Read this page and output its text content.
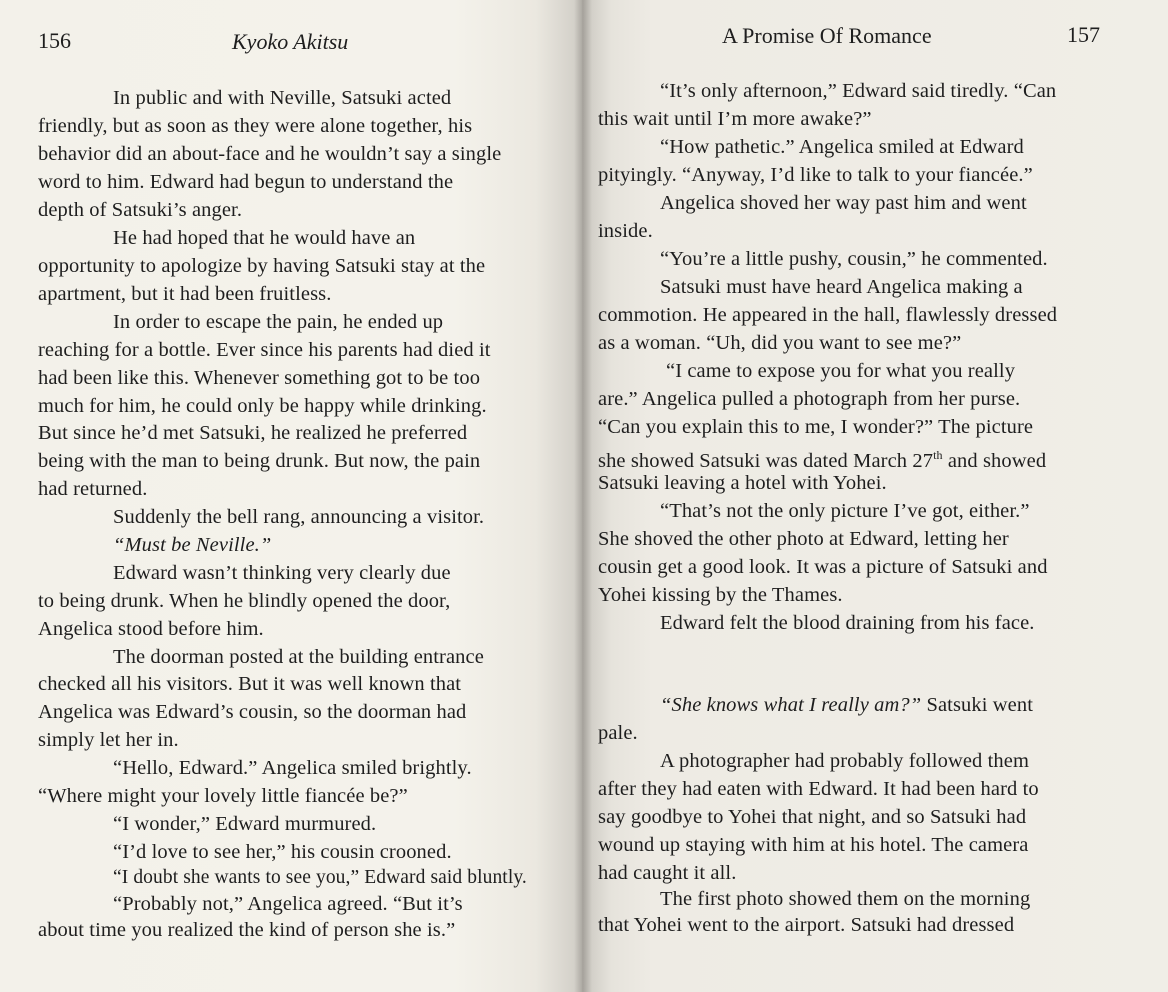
156	Kyoko Akitsu
In public and with Neville, Satsuki acted
friendly, but as soon as they were alone together, his
behavior did an about-face and he wouldn’t say a single
word to him. Edward had begun to understand the
depth of Satsuki’s anger.
He had hoped that he would have an
opportunity to apologize by having Satsuki stay at the
apartment, but it had been fruitless.
In order to escape the pain, he ended up
reaching for a bottle. Ever since his parents had died it
had been like this. Whenever something got to be too
much for him, he could only be happy while drinking.
But since he’d met Satsuki, he realized he preferred
being with the man to being drunk. But now, the pain
had returned.
Suddenly the bell rang, announcing a visitor.
“Must be Neville.”
Edward wasn’t thinking very clearly due
to being drunk. When he blindly opened the door,
Angelica stood before him.
The doorman posted at the building entrance
checked all his visitors. But it was well known that
Angelica was Edward’s cousin, so the doorman had
simply let her in.
“Hello, Edward.” Angelica smiled brightly.
“Where might your lovely little fiancée be?”
“I wonder,” Edward murmured.
“I’d love to see her,” his cousin crooned.
“I doubt she wants to see you,” Edward said bluntly.
“Probably not,” Angelica agreed. “But it’s
about time you realized the kind of person she is.”
A Promise Of Romance	157
“It’s only afternoon,” Edward said tiredly. “Can
this wait until I’m more awake?”
“How pathetic.” Angelica smiled at Edward
pityingly. “Anyway, I’d like to talk to your fiancée.”
Angelica shoved her way past him and went
inside.
“You’re a little pushy, cousin,” he commented.
Satsuki must have heard Angelica making a
commotion. He appeared in the hall, flawlessly dressed
as a woman. “Uh, did you want to see me?”
“I came to expose you for what you really
are.” Angelica pulled a photograph from her purse.
“Can you explain this to me, I wonder?” The picture
she showed Satsuki was dated March 27th and showed
Satsuki leaving a hotel with Yohei.
“That’s not the only picture I’ve got, either.”
She shoved the other photo at Edward, letting her
cousin get a good look. It was a picture of Satsuki and
Yohei kissing by the Thames.
Edward felt the blood draining from his face.
“She knows what I really am?” Satsuki went
pale.
A photographer had probably followed them
after they had eaten with Edward. It had been hard to
say goodbye to Yohei that night, and so Satsuki had
wound up staying with him at his hotel. The camera
had caught it all.
The first photo showed them on the morning
that Yohei went to the airport. Satsuki had dressed
